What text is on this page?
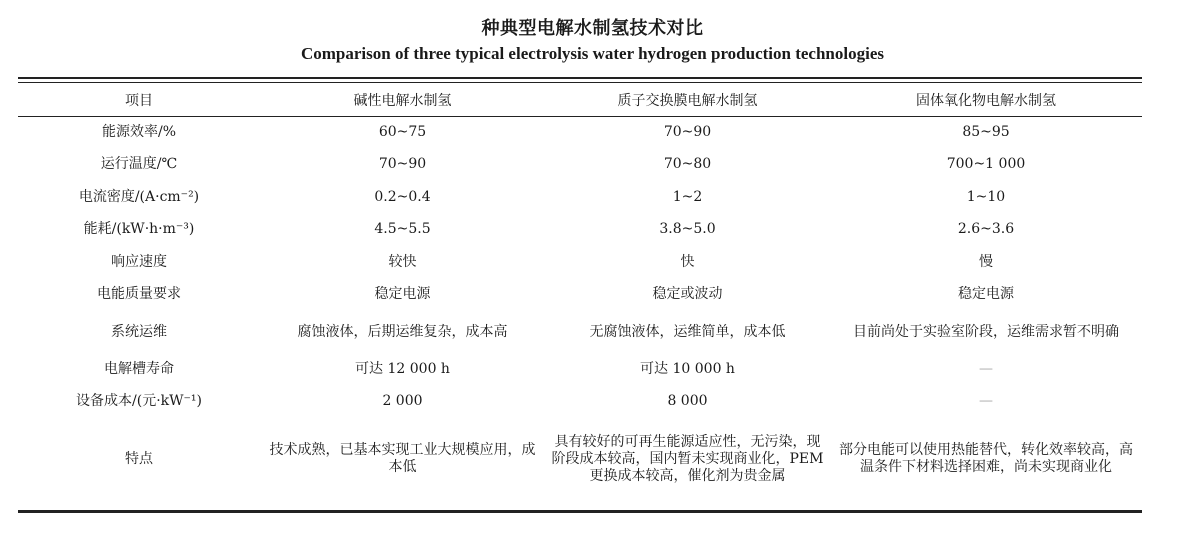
种典型电解水制氢技术对比
Comparison of three typical electrolysis water hydrogen production technologies
项目	碱性电解水制氢	质子交换膜电解水制氢	固体氧化物电解水制氢
能源效率/%	60~75	70~90	85~95
运行温度/℃	70~90	70~80	700~1 000
电流密度/(A·cm⁻²)	0.2~0.4	1~2	1~10
能耗/(kW·h·m⁻³)	4.5~5.5	3.8~5.0	2.6~3.6
响应速度	较快	快	慢
电能质量要求	稳定电源	稳定或波动	稳定电源
系统运维	腐蚀液体，后期运维复杂，成本高	无腐蚀液体，运维简单，成本低	目前尚处于实验室阶段，运维需求暂不明确
电解槽寿命	可达 12 000 h	可达 10 000 h	—
设备成本/(元·kW⁻¹)	2 000	8 000	—
特点	技术成熟，已基本实现工业大规模应用，成本低	具有较好的可再生能源适应性，无污染，现阶段成本较高，国内暂未实现商业化，PEM 更换成本较高，催化剂为贵金属	部分电能可以使用热能替代，转化效率较高，高温条件下材料选择困难，尚未实现商业化
